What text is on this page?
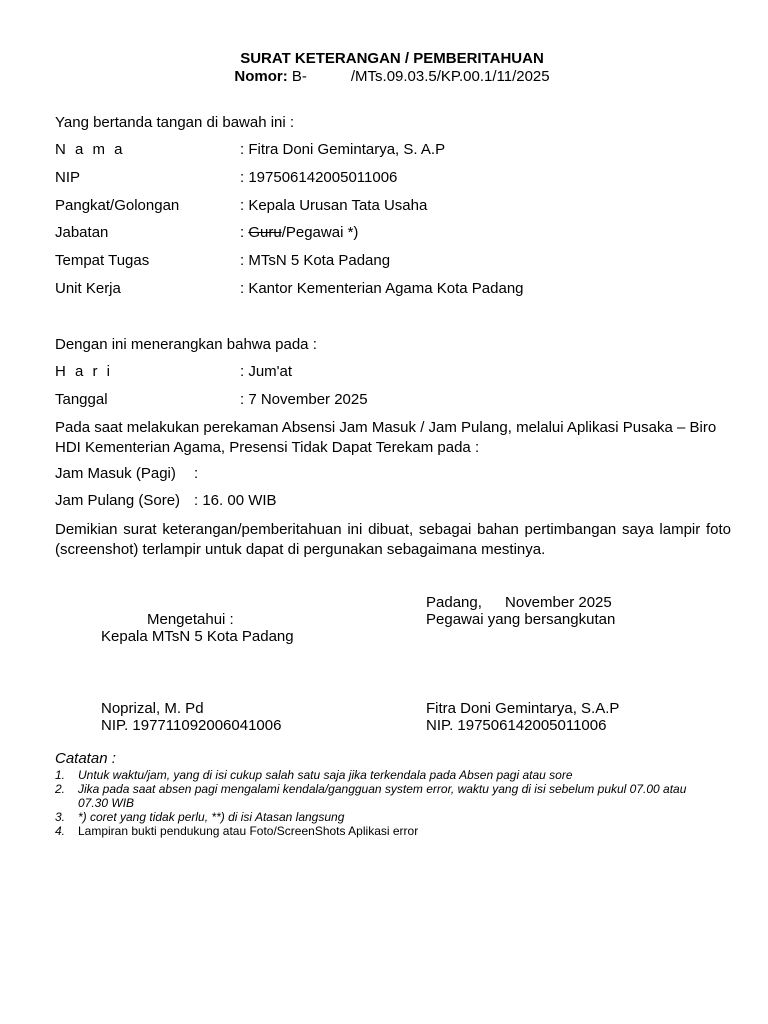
SURAT KETERANGAN / PEMBERITAHUAN
Nomor: B-	/MTs.09.03.5/KP.00.1/11/2025
Yang bertanda tangan di bawah ini :
N a m a	: Fitra Doni Gemintarya, S. A.P
NIP	: 197506142005011006
Pangkat/Golongan	: Kepala Urusan Tata Usaha
Jabatan	: Guru/Pegawai *)
Tempat Tugas	: MTsN 5 Kota Padang
Unit Kerja	: Kantor Kementerian Agama Kota Padang
Dengan ini menerangkan bahwa pada :
H a r i	: Jum'at
Tanggal	: 7 November 2025
Pada saat melakukan perekaman Absensi Jam Masuk / Jam Pulang, melalui Aplikasi Pusaka – Biro HDI Kementerian Agama, Presensi Tidak Dapat Terekam pada :
Jam Masuk (Pagi) :
Jam Pulang (Sore) : 16. 00 WIB
Demikian surat keterangan/pemberitahuan ini dibuat, sebagai bahan pertimbangan saya lampir foto (screenshot) terlampir untuk dapat di pergunakan sebagaimana mestinya.
Padang, November 2025
Pegawai yang bersangkutan
Mengetahui :
Kepala MTsN 5 Kota Padang
Noprizal, M. Pd
NIP. 197711092006041006
Fitra Doni Gemintarya, S.A.P
NIP. 197506142005011006
Catatan :
1. Untuk waktu/jam, yang di isi cukup salah satu saja jika terkendala pada Absen pagi atau sore
2. Jika pada saat absen pagi mengalami kendala/gangguan system error, waktu yang di isi sebelum pukul 07.00 atau 07.30 WIB
3. *) coret yang tidak perlu, **) di isi Atasan langsung
4. Lampiran bukti pendukung atau Foto/ScreenShots Aplikasi error
